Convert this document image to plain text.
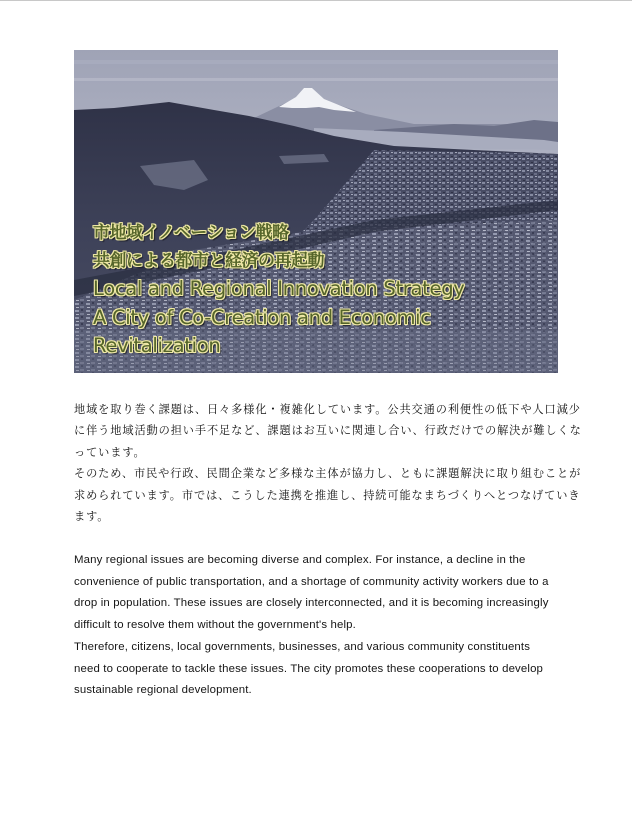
市地域イノベーション戦略
共創による都市と経済の再起動
Local and Regional Innovation Strategy
A City of Co-Creation and Economic
Revitalization

地域を取り巻く課題は、日々多様化・複雑化しています。公共交通の利便性の低下や人口減少
に伴う地域活動の担い手不足など、課題はお互いに関連し合い、行政だけでの解決が難しくな
っています。

そのため、市民や行政、民間企業など多様な主体が協力し、ともに課題解決に取り組むことが
求められています。市では、こうした連携を推進し、持続可能なまちづくりへとつなげていき
ます。

Many regional issues are becoming diverse and complex. For instance, a decline in the
convenience of public transportation, and a shortage of community activity workers due to a
drop in population. These issues are closely interconnected, and it is becoming increasingly
difficult to resolve them without the government's help.

Therefore, citizens, local governments, businesses, and various community constituents
need to cooperate to tackle these issues. The city promotes these cooperations to develop
sustainable regional development.
